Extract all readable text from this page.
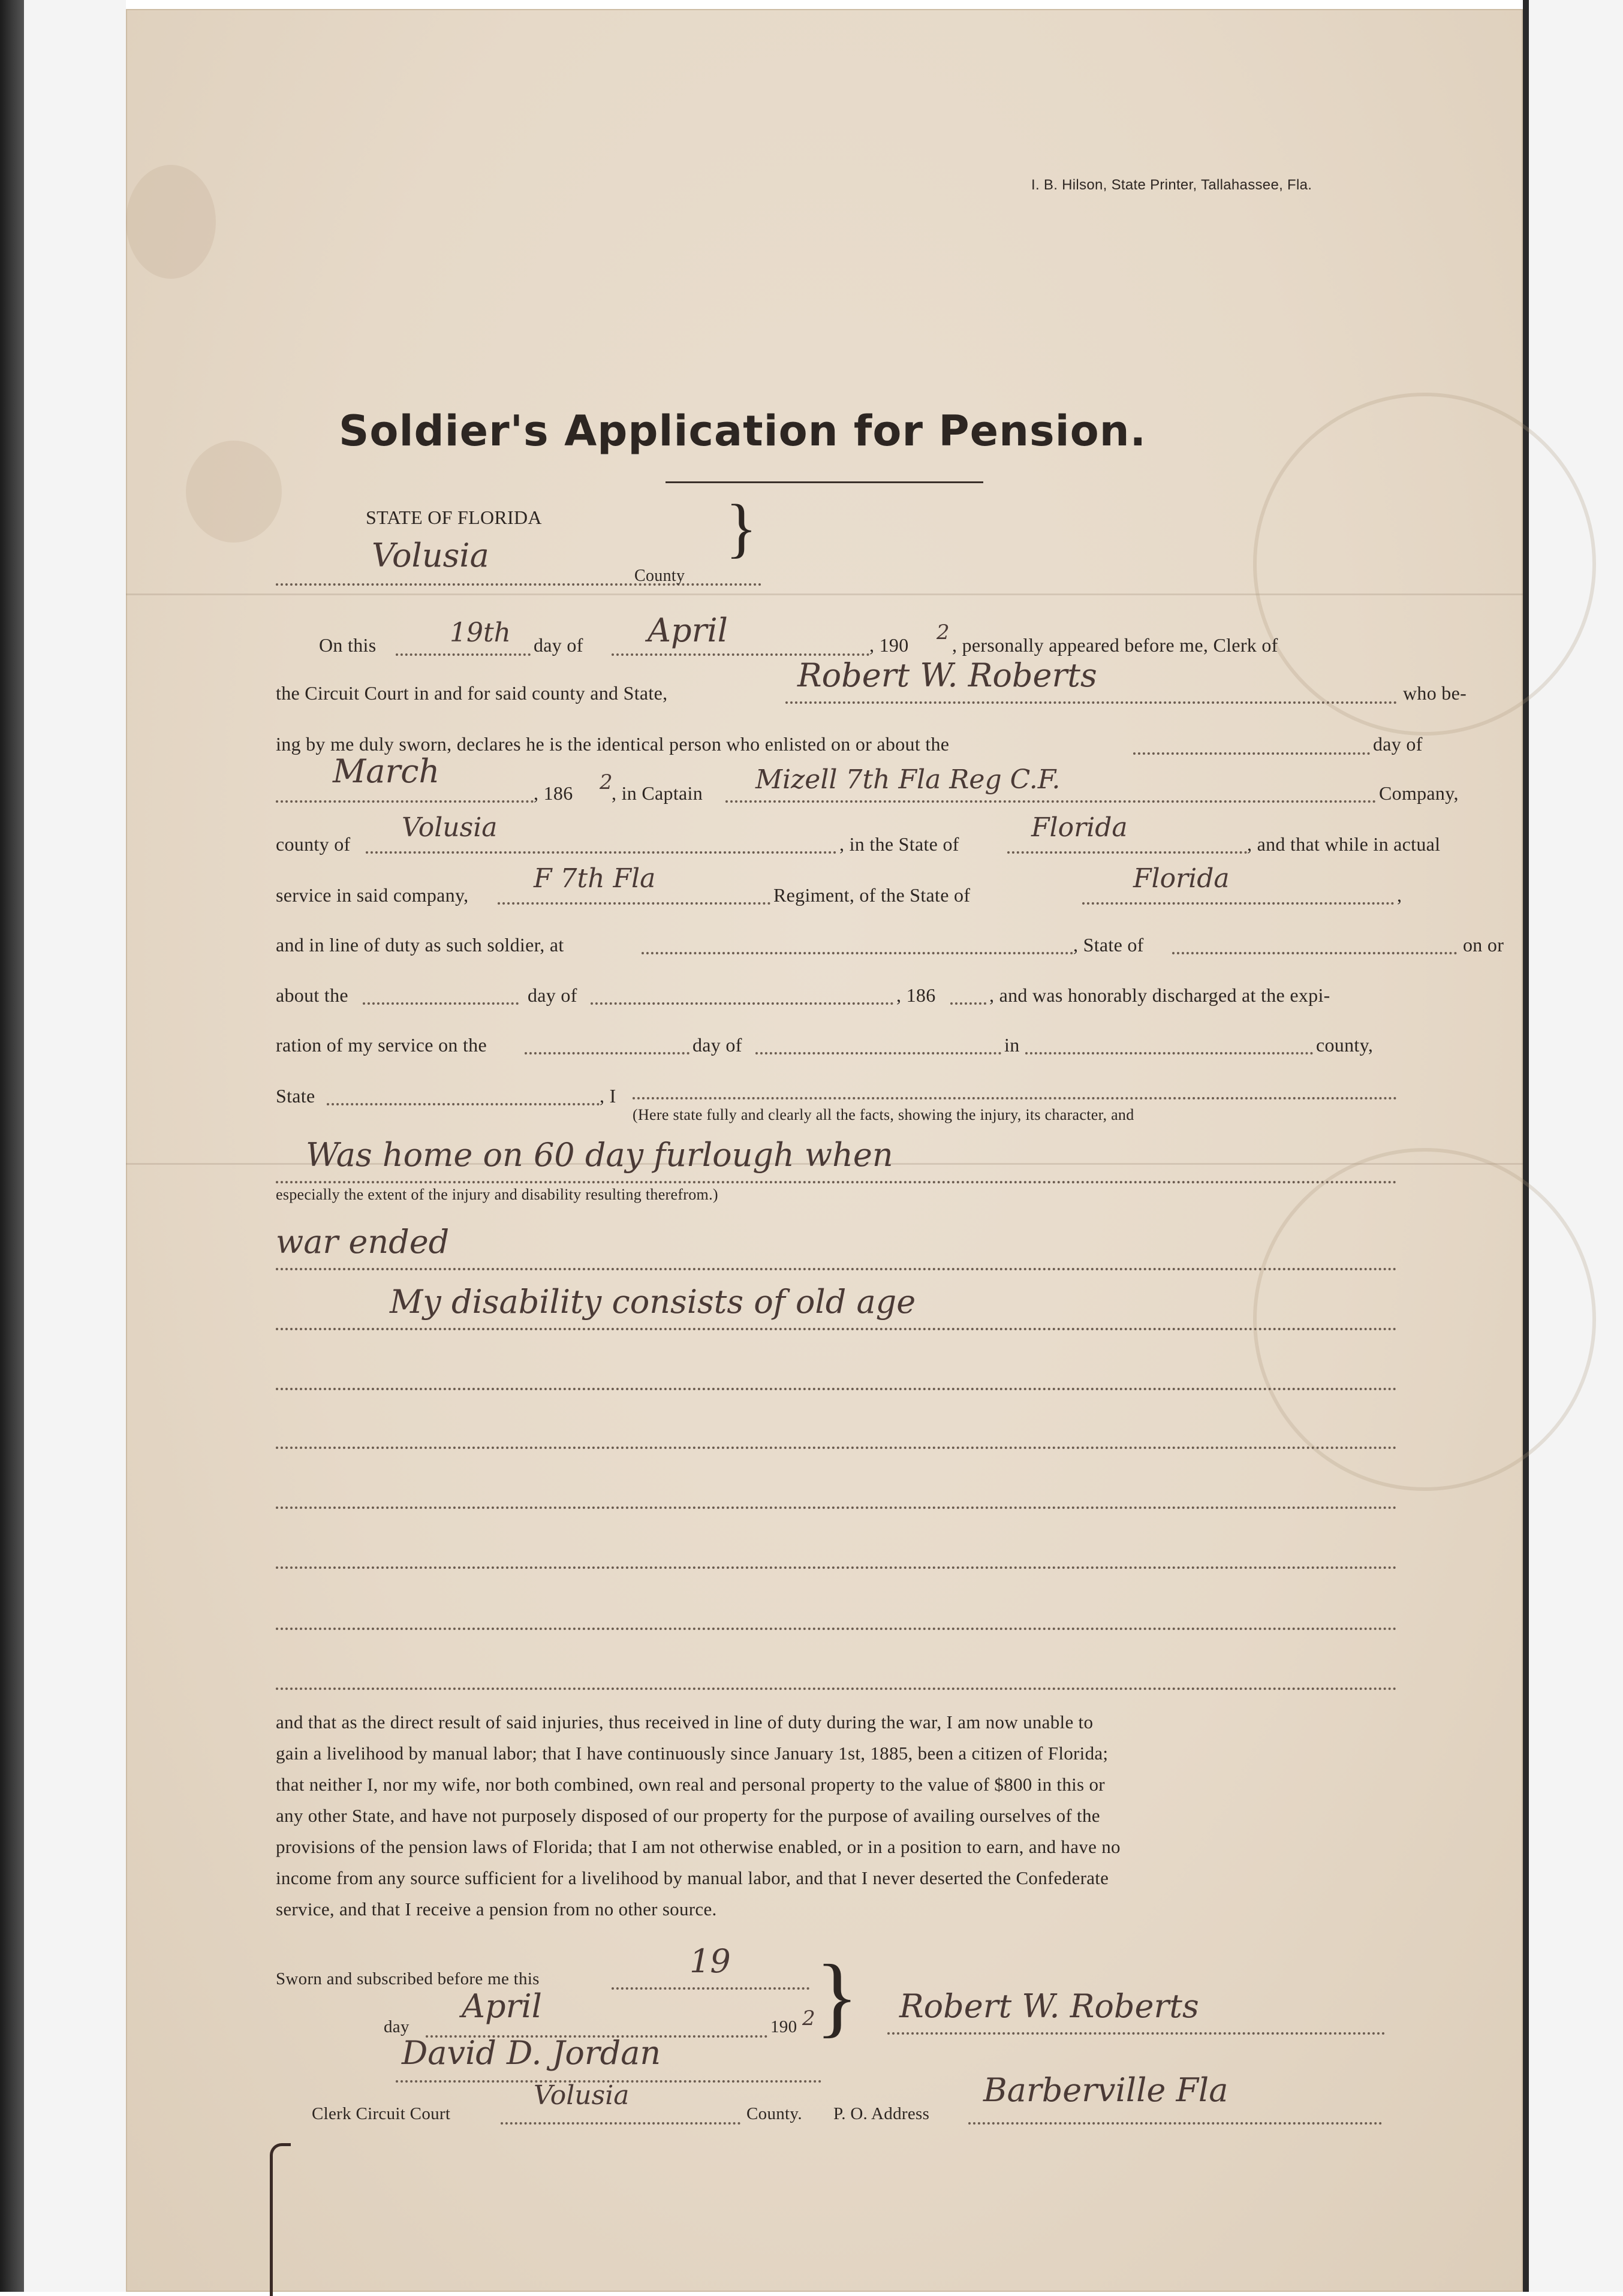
I. B. Hilson, State Printer, Tallahassee, Fla.
Soldier's Application for Pension.
STATE OF FLORIDA	}
Volusia
County
On this	19th day of April	, 190
2
, personally appeared before me, Clerk of
the Circuit Court in and for said county and State,	Robert W. Roberts	who be-
ing by me duly sworn, declares he is the identical person who enlisted on or about the	day of
March
, 186 2
, in Captain Mizell 7th Fla Reg C.F.	Company,
county of
Volusia
, in the State of
Florida
, and that while in actual
service in said company,
F 7th Fla
Regiment, of the State of
Florida
,
and in line of duty as such soldier, at	, State of	on or
about the	day of	, 186	, and was honorably discharged at the expi-
ration of my service on the	day of	in	county,
State	, I
(Here state fully and clearly all the facts, showing the injury, its character, and
Was home on 60 day furlough when
especially the extent of the injury and disability resulting therefrom.)
war ended
My disability consists of old age
and that as the direct result of said injuries, thus received in line of duty during the war, I am now unable to
gain a livelihood by manual labor; that I have continuously since January 1st, 1885, been a citizen of Florida;
that neither I, nor my wife, nor both combined, own real and personal property to the value of $800 in this or
any other State, and have not purposely disposed of our property for the purpose of availing ourselves of the
provisions of the pension laws of Florida; that I am not otherwise enabled, or in a position to earn, and have no
income from any source sufficient for a livelihood by manual labor, and that I never deserted the Confederate
service, and that I receive a pension from no other source.
Sworn and subscribed before me this	19 }
day
April
190 2	Robert W. Roberts
David D. Jordan
Clerk Circuit Court
Volusia
County. P. O. Address
Barberville Fla
